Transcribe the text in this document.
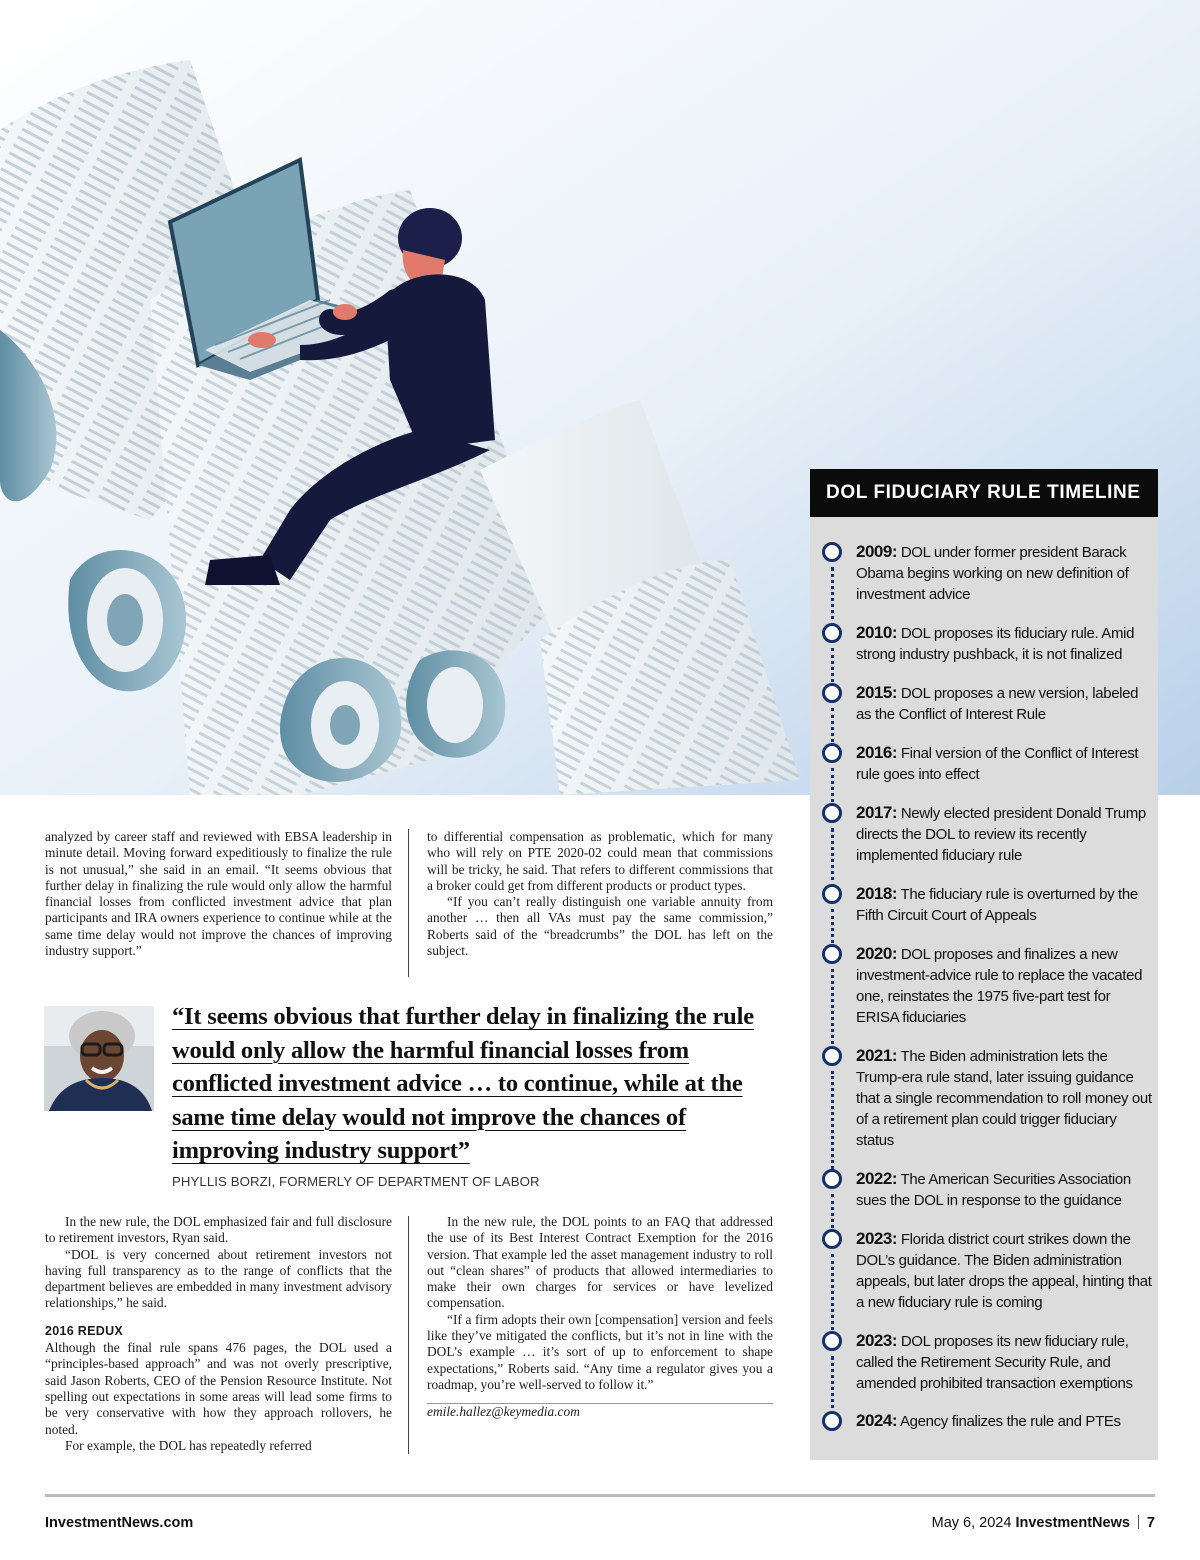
analyzed by career staff and reviewed with EBSA leadership in minute detail. Moving forward expeditiously to finalize the rule is not unusual,” she said in an email. “It seems obvious that further delay in finalizing the rule would only allow the harmful financial losses from conflicted investment advice that plan participants and IRA owners experience to continue while at the same time delay would not improve the chances of improving industry support.”

to differential compensation as problematic, which for many who will rely on PTE 2020-02 could mean that commissions will be tricky, he said. That refers to different commissions that a broker could get from different products or product types.

“If you can’t really distinguish one variable annuity from another … then all VAs must pay the same commission,” Roberts said of the “breadcrumbs” the DOL has left on the subject.

“It seems obvious that further delay in finalizing the rule would only allow the harmful financial losses from conflicted investment advice … to continue, while at the same time delay would not improve the chances of improving industry support”
PHYLLIS BORZI, FORMERLY OF DEPARTMENT OF LABOR

In the new rule, the DOL emphasized fair and full disclosure to retirement investors, Ryan said.

“DOL is very concerned about retirement investors not having full transparency as to the range of conflicts that the department believes are embedded in many investment advisory relationships,” he said.

2016 REDUX

Although the final rule spans 476 pages, the DOL used a “principles-based approach” and was not overly prescriptive, said Jason Roberts, CEO of the Pension Resource Institute. Not spelling out expectations in some areas will lead some firms to be very conservative with how they approach rollovers, he noted.

For example, the DOL has repeatedly referred

In the new rule, the DOL points to an FAQ that addressed the use of its Best Interest Contract Exemption for the 2016 version. That example led the asset management industry to roll out “clean shares” of products that allowed intermediaries to make their own charges for services or have levelized compensation.

“If a firm adopts their own [compensation] version and feels like they’ve mitigated the conflicts, but it’s not in line with the DOL’s example … it’s sort of up to enforcement to shape expectations,” Roberts said. “Any time a regulator gives you a roadmap, you’re well-served to follow it.”

emile.hallez@keymedia.com

DOL FIDUCIARY RULE TIMELINE
2009: DOL under former president Barack Obama begins working on new definition of investment advice
2010: DOL proposes its fiduciary rule. Amid strong industry pushback, it is not finalized
2015: DOL proposes a new version, labeled as the Conflict of Interest Rule
2016: Final version of the Conflict of Interest rule goes into effect
2017: Newly elected president Donald Trump directs the DOL to review its recently implemented fiduciary rule
2018: The fiduciary rule is overturned by the Fifth Circuit Court of Appeals
2020: DOL proposes and finalizes a new investment-advice rule to replace the vacated one, reinstates the 1975 five-part test for ERISA fiduciaries
2021: The Biden administration lets the Trump-era rule stand, later issuing guidance that a single recommendation to roll money out of a retirement plan could trigger fiduciary status
2022: The American Securities Association sues the DOL in response to the guidance
2023: Florida district court strikes down the DOL’s guidance. The Biden administration appeals, but later drops the appeal, hinting that a new fiduciary rule is coming
2023: DOL proposes its new fiduciary rule, called the Retirement Security Rule, and amended prohibited transaction exemptions
2024: Agency finalizes the rule and PTEs
InvestmentNews.com	May 6, 2024 InvestmentNews 7
